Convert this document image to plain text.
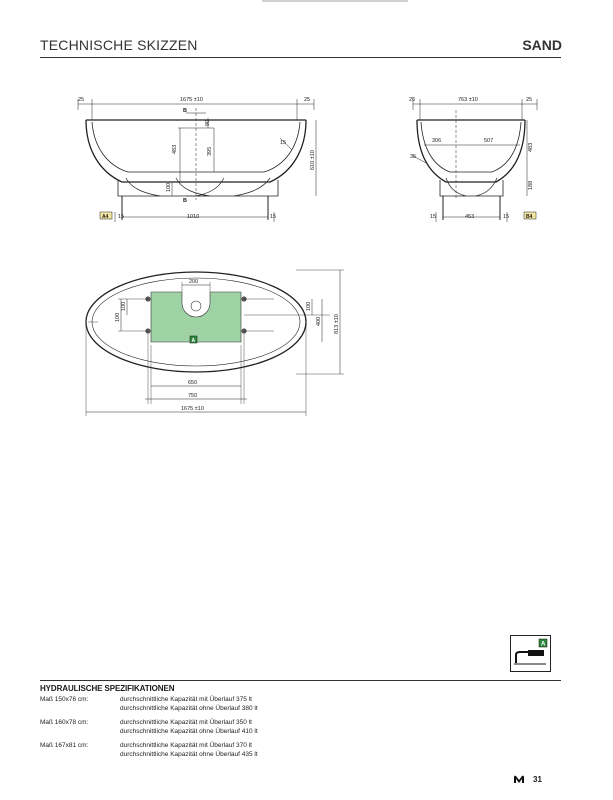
TECHNISCHE SKIZZEN	SAND
25	25
1675 ±10
B
90
483	395
15
610 ±10
100
B
15	1010	15
A4
25	25
763 ±10
306	507
35
483
188
15	453	15	B4
200
100
100	100
400 813 ±10
650
750
1675 ±10
A
A
HYDRAULISCHE SPEZIFIKATIONEN
Maß 150x76 cm:	durchschnittliche Kapazität mit Überlauf 375 lt
durchschnittliche Kapazität ohne Überlauf 380 lt
Maß 160x78 cm:	durchschnittliche Kapazität mit Überlauf 350 lt
durchschnittliche Kapazität ohne Überlauf 410 lt
Maß 167x81 cm:	durchschnittliche Kapazität mit Überlauf 370 lt
durchschnittliche Kapazität ohne Überlauf 435 lt
31
